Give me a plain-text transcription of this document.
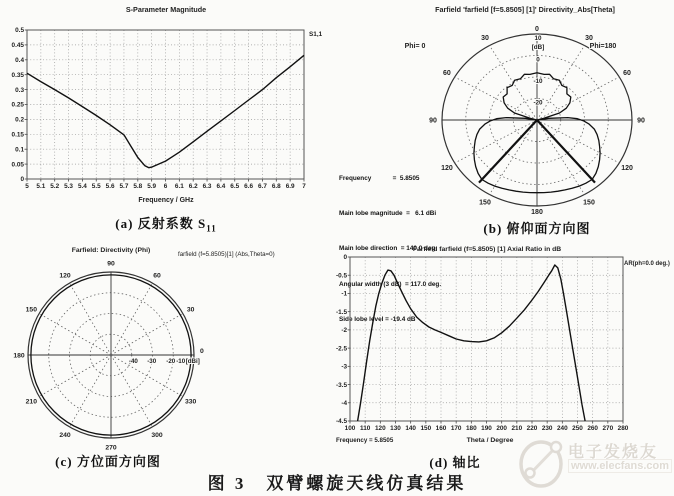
S-Parameter Magnitude
5 5.1 5.2 5.3 5.4 5.5 5.6 5.7 5.8 5.9 6 6.1 6.2 6.3 6.4 6.5 6.6 6.7 6.8 6.9 7
0
0.05
0.1
0.15
0.2
0.25
0.3
0.35
0.4
0.45
0.5
S1,1
Frequency / GHz
(a) 反射系数 $S_{11}$
0
180
30
30
60
60
90
90
120
120
150
150
10
0
-10
-20
[dB]
Phi= 0	Phi=180
Farfield 'farfield [f=5.8505] [1]' Directivity_Abs[Theta]

Frequency            =  5.8505

Main lobe magnitude  =   6.1 dBi

Main lobe direction  = 140.0 deg.

Angular width (3 dB)  = 117.0 deg.

Side lobe level = -19.4 dB

(b) 俯仰面方向图
0
30
60
90
120
150
180
210
240
270
300
330
-40 -30 -20 -10 [dBi]
Farfield: Directivity (Phi)
farfield (f=5.8505)[1] (Abs,Theta=0)
(c) 方位面方向图
Farfield farfield (f=5.8505) [1] Axial Ratio in dB
100 110 120 130 140 150 160 170 180 190 200 210 220 230 240 250 260 270 280
-4.5
-4
-3.5
-3
-2.5
-2
-1.5
-1
-0.5
0
AR(ph=0.0 deg.)
Frequency = 5.8505	Theta / Degree
(d) 轴比
图 3　双臂螺旋天线仿真结果
电子发烧友
www.elecfans.com
